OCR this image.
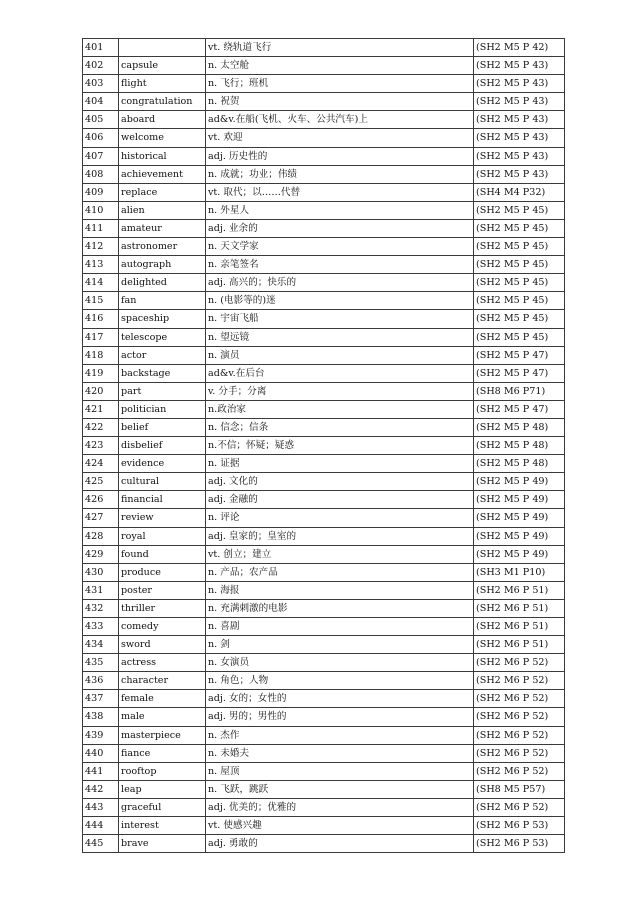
401		vt. 绕轨道飞行	(SH2 M5 P 42)
402	capsule	n. 太空舱	(SH2 M5 P 43)
403	flight	n. 飞行；班机	(SH2 M5 P 43)
404	congratulation	n. 祝贺	(SH2 M5 P 43)
405	aboard	ad&v.在船(飞机、火车、公共汽车)上	(SH2 M5 P 43)
406	welcome	vt. 欢迎	(SH2 M5 P 43)
407	historical	adj. 历史性的	(SH2 M5 P 43)
408	achievement	n. 成就；功业；伟绩	(SH2 M5 P 43)
409	replace	vt. 取代；以……代替	(SH4 M4 P32)
410	alien	n. 外星人	(SH2 M5 P 45)
411	amateur	adj. 业余的	(SH2 M5 P 45)
412	astronomer	n. 天文学家	(SH2 M5 P 45)
413	autograph	n. 亲笔签名	(SH2 M5 P 45)
414	delighted	adj. 高兴的；快乐的	(SH2 M5 P 45)
415	fan	n. (电影等的)迷	(SH2 M5 P 45)
416	spaceship	n. 宇宙飞船	(SH2 M5 P 45)
417	telescope	n. 望远镜	(SH2 M5 P 45)
418	actor	n. 演员	(SH2 M5 P 47)
419	backstage	ad&v.在后台	(SH2 M5 P 47)
420	part	v. 分手；分离	(SH8 M6 P71)
421	politician	n.政治家	(SH2 M5 P 47)
422	belief	n. 信念；信条	(SH2 M5 P 48)
423	disbelief	n.不信；怀疑；疑惑	(SH2 M5 P 48)
424	evidence	n. 证据	(SH2 M5 P 48)
425	cultural	adj. 文化的	(SH2 M5 P 49)
426	financial	adj. 金融的	(SH2 M5 P 49)
427	review	n. 评论	(SH2 M5 P 49)
428	royal	adj. 皇家的；皇室的	(SH2 M5 P 49)
429	found	vt. 创立；建立	(SH2 M5 P 49)
430	produce	n. 产品；农产品	(SH3 M1 P10)
431	poster	n. 海报	(SH2 M6 P 51)
432	thriller	n. 充满刺激的电影	(SH2 M6 P 51)
433	comedy	n. 喜剧	(SH2 M6 P 51)
434	sword	n. 剑	(SH2 M6 P 51)
435	actress	n. 女演员	(SH2 M6 P 52)
436	character	n. 角色；人物	(SH2 M6 P 52)
437	female	adj. 女的；女性的	(SH2 M6 P 52)
438	male	adj. 男的；男性的	(SH2 M6 P 52)
439	masterpiece	n. 杰作	(SH2 M6 P 52)
440	fiance	n. 未婚夫	(SH2 M6 P 52)
441	rooftop	n. 屋顶	(SH2 M6 P 52)
442	leap	n. 飞跃，跳跃	(SH8 M5 P57)
443	graceful	adj. 优美的；优雅的	(SH2 M6 P 52)
444	interest	vt. 使感兴趣	(SH2 M6 P 53)
445	brave	adj. 勇敢的	(SH2 M6 P 53)
